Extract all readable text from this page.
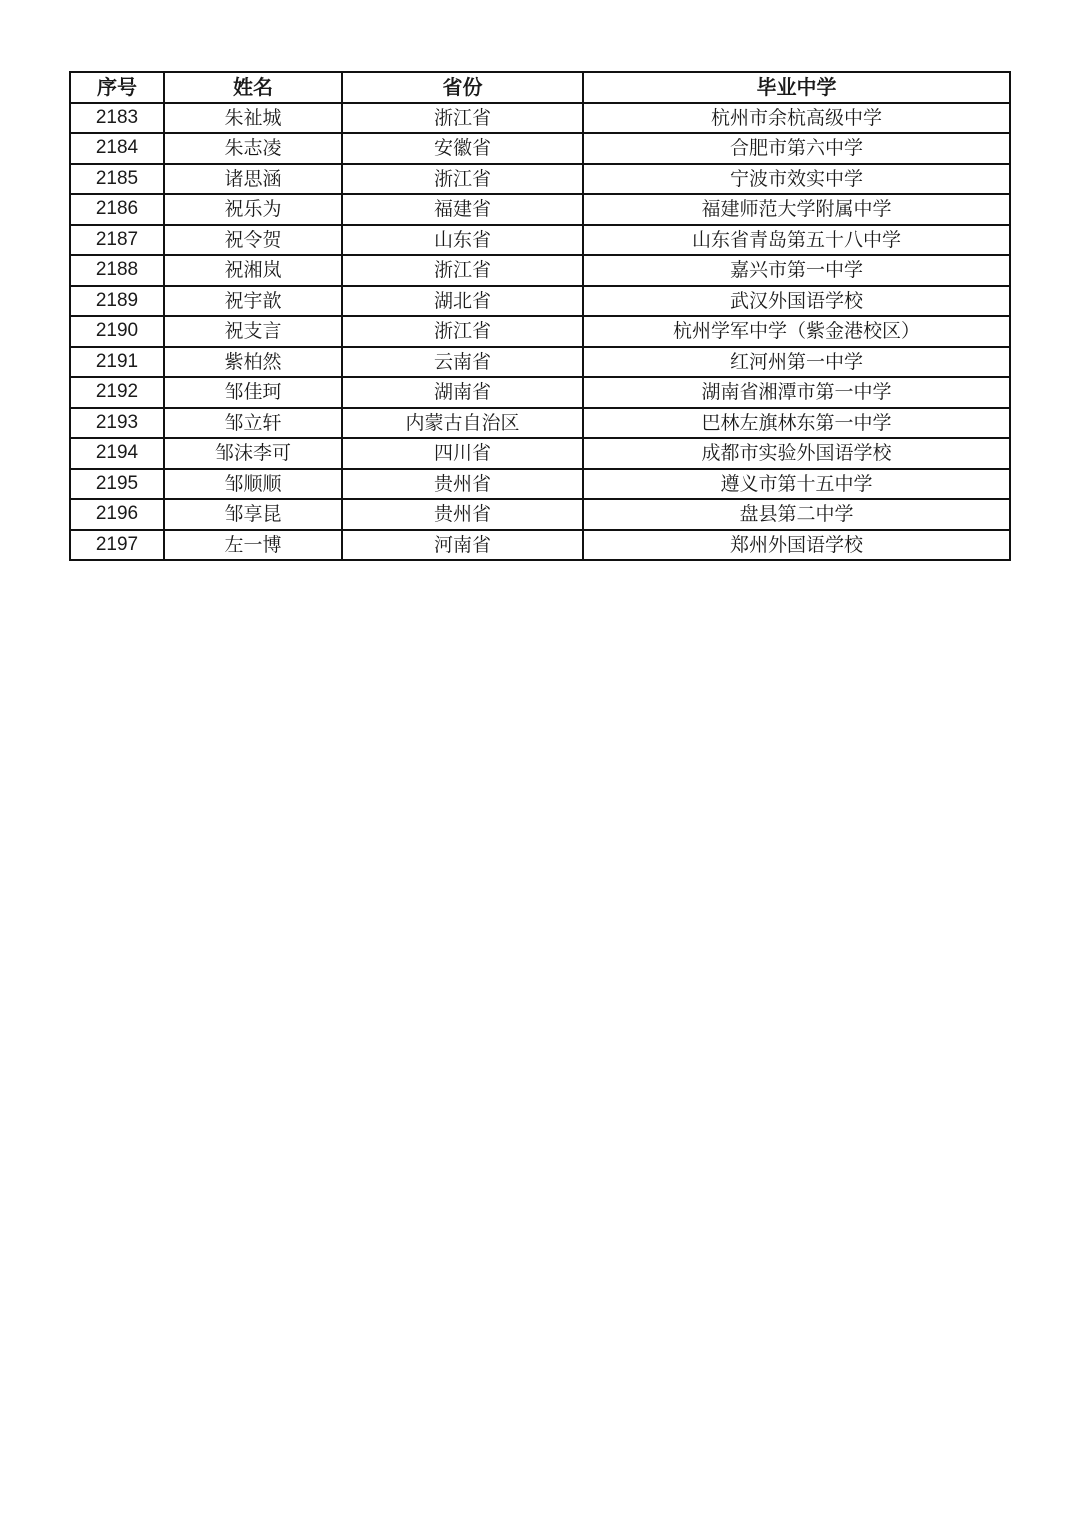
序号	姓名	省份	毕业中学
2183	朱祉城	浙江省	杭州市余杭高级中学
2184	朱志凌	安徽省	合肥市第六中学
2185	诸思涵	浙江省	宁波市效实中学
2186	祝乐为	福建省	福建师范大学附属中学
2187	祝令贺	山东省	山东省青岛第五十八中学
2188	祝湘岚	浙江省	嘉兴市第一中学
2189	祝宇歆	湖北省	武汉外国语学校
2190	祝支言	浙江省	杭州学军中学（紫金港校区）
2191	紫柏然	云南省	红河州第一中学
2192	邹佳珂	湖南省	湖南省湘潭市第一中学
2193	邹立轩	内蒙古自治区	巴林左旗林东第一中学
2194	邹沫李可	四川省	成都市实验外国语学校
2195	邹顺顺	贵州省	遵义市第十五中学
2196	邹享昆	贵州省	盘县第二中学
2197	左一博	河南省	郑州外国语学校
